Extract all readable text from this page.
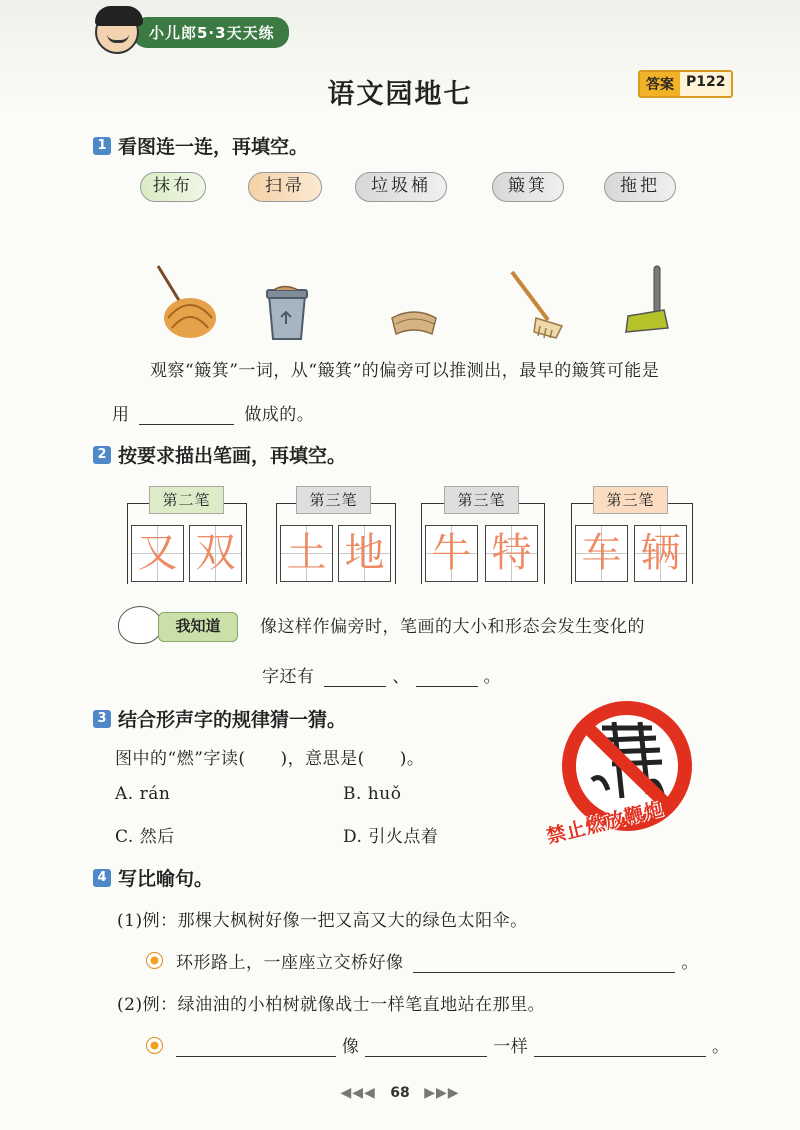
小儿郎5·3天天练
语文园地七	答案 P122
1 看图连一连，再填空。
抹布	扫帚	垃圾桶	簸箕	拖把
观察“簸箕”一词，从“簸箕”的偏旁可以推测出，最早的簸箕可能是
用	做成的。
2 按要求描出笔画，再填空。
第二笔	第三笔	第三笔	第三笔
又 双 土 地 牛 特 车 辆
我知道	像这样作偏旁时，笔画的大小和形态会发生变化的
字还有	、	。
3 结合形声字的规律猜一猜。
图中的“燃”字读(　　)，意思是(　　)。
A. rán	B. huǒ
C. 然后	D. 引火点着	禁止燃放鞭炮
4 写比喻句。
(1)例：那棵大枫树好像一把又高又大的绿色太阳伞。
环形路上，一座座立交桥好像	。
(2)例：绿油油的小柏树就像战士一样笔直地站在那里。
像	一样	。
◀◀◀ 68 ▶▶▶
